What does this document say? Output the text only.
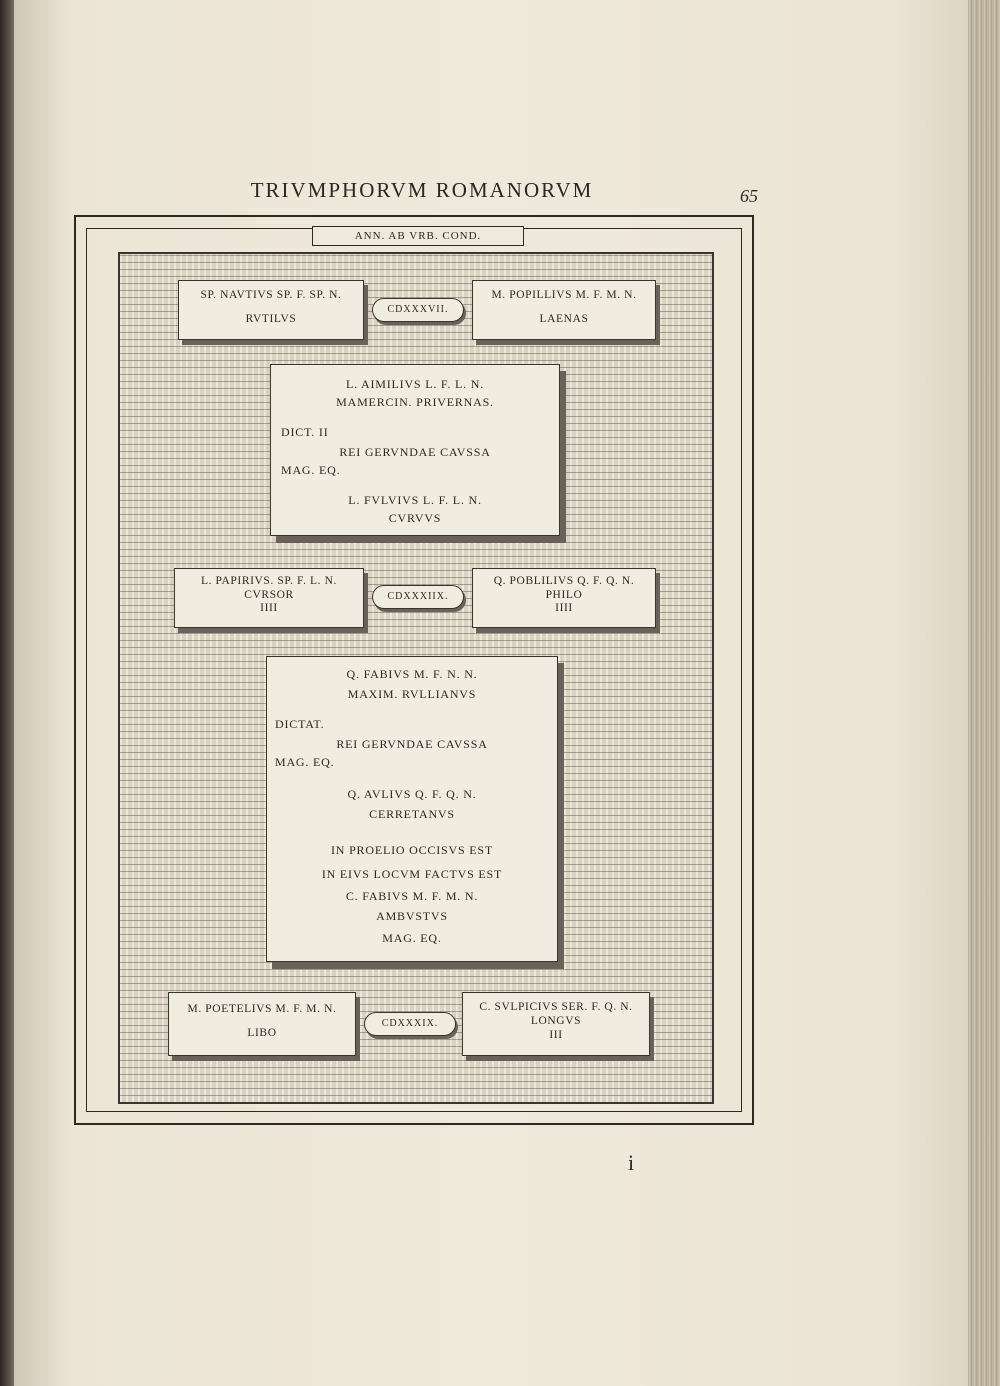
TRIVMPHORVM ROMANORVM	65
ANN. AB VRB. COND.
SP. NAVTIVS SP. F. SP. N.
RVTILVS
CDXXXVII.
M. POPILLIVS M. F. M. N.
LAENAS
L. AIMILIVS L. F. L. N.
MAMERCIN. PRIVERNAS.
DICT. II
REI GERVNDAE CAVSSA
MAG. EQ.
L. FVLVIVS L. F. L. N.
CVRVVS
L. PAPIRIVS. SP. F. L. N.
CVRSOR
IIII
CDXXXIIX.
Q. POBLILIVS Q. F. Q. N.
PHILO
IIII
Q. FABIVS M. F. N. N.
MAXIM. RVLLIANVS
DICTAT.
REI GERVNDAE CAVSSA
MAG. EQ.
Q. AVLIVS Q. F. Q. N.
CERRETANVS
IN PROELIO OCCISVS EST
IN EIVS LOCVM FACTVS EST
C. FABIVS M. F. M. N.
AMBVSTVS
MAG. EQ.
M. POETELIVS M. F. M. N.
LIBO
CDXXXIX.
C. SVLPICIVS SER. F. Q. N.
LONGVS
III
i
